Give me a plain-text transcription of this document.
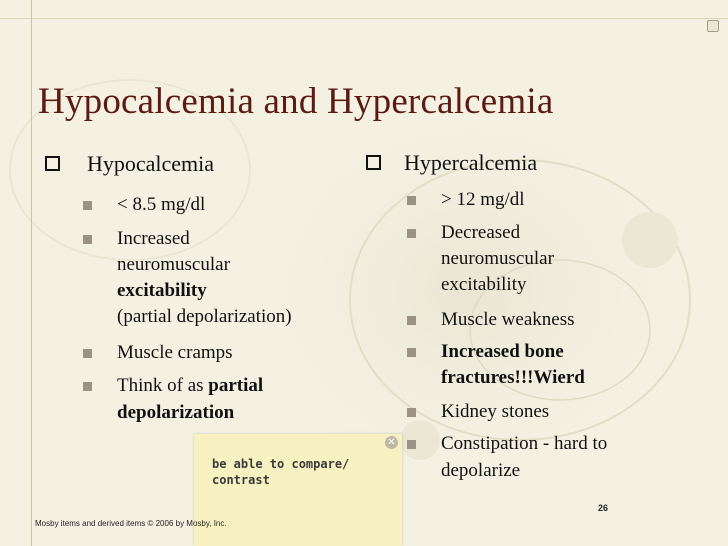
Hypocalcemia and Hypercalcemia
Hypocalcemia
< 8.5 mg/dl
Increased
neuromuscular
excitability
(partial depolarization)
Muscle cramps
Think of as partial
depolarization
Hypercalcemia
> 12 mg/dl
Decreased
neuromuscular
excitability
Muscle weakness
Increased bone
fractures!!!Wierd
Kidney stones
Constipation - hard to
depolarize
✕
be able to compare/ contrast
Mosby items and derived items © 2006 by Mosby, Inc.
26
